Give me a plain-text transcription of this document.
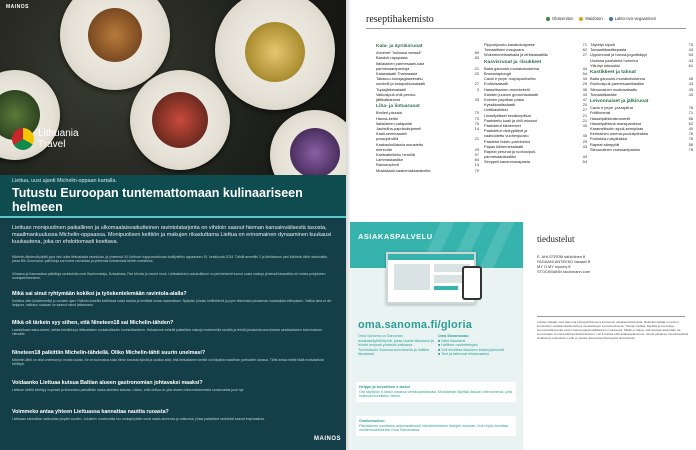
MAINOS
Lithuania
Travel
Liettua, uusi ajanti Michelin-oppaan kartalla.
Tutustu Euroopan tuntemattomaan kulinaariseen helmeen
Liettuan monipuolinen paikallinen ja ulkomaalaisvaikutteinen ravintolatarjonta on vihdoin saanut hieman kansainvälisestä tasosta, maailmankuulussa Michelin-oppaassa. Monipuolisen keittiön ja makujen rikastuttama Liettua on erinomainen dynaaminen kuukausi kuukautena, joka on ehdottomasti koettava.
Michelin-tähdestä päätti jopa viisi uutta liettualaista ravintolaa, ja yhteensä 34 Liettuan huippuravintolaa sisällytettiin oppaaseen 19. kesäkuuta 2024. Tähtiä annettiin 2 ja tähtitasoon yksi Michelin-tähti ravintolalle, jossa Bib Gourmand -palkintoja sai kolme ravintolaa ja yhteensä kolmetoista tehtiin mainituksi.
Vilnassa ja Kaunasissa palkittuja ravintoloita ovat Gastromanija, Dziaukstas, Pas Mumis ja monet muut. Liettualainen ruokakulttuuri on perinteisesti tuonut uusia makuja yhdessä tasavallan eri osista pohjoiseen ruokaperinteeseen.
Mikä sai sinut ryhtymään kokiksi ja työskentelemään ravintola-alalla?
Kokkina olen työskennellyt jo vuosien ajan. Halusin kokeilla keittiössä uusia asioita ja kehittää omaa osaamistani. Nykyisin johdan keittiötiimiä ja pyrin tekemään jokaisesta ruokalajista elämyksen. Vaikka aina ei ole helppoa, rakkaus ruokaan on saanut minut jatkamaan.
Mikä oli tärkein syy siihen, että Nineteen18 sai Michelin-tähden?
Laadukkaat raaka-aineet, tarkka tekniikka ja liettualaisen ruokakulttuurin kunnioittaminen. Halusimme esitellä paikallisia makuja moderneilla tavoilla ja tehdä jokaisesta annoksesta ainutlaatuisen kokemuksen vieraalle.
Nineteen18 palkittiin Michelin-tähdellä. Oliko Michelin-tähti suurin unelmasi?
Michelin-tähti on ollut unelmani jo monta vuotta. Se on tunnustus koko tiimin kovasta työstä ja osoitus siitä, että liettualainen keittiö voi kilpailla maailman parhaiden kanssa. Tähti antaa meille lisää motivaatiota kehittyä.
Voidaanko Liettuaa kutsua Baltian alueen gastronomian johtavaksi maaksi?
Liettuan keittiö kehittyy nopeasti ja kiinnostus paikallisiin raaka-aineisiin kasvaa. Uskon, että Liettua on yksi alueen kiinnostavimmista ruokamaista juuri nyt.
Voimmeko antaa yhteen Liettuassa kannattaa nauttia ruoasta?
Liettuaan kannattaa matkustaa ympäri vuoden. Jokainen vuodenaika tuo ruokapöytään omat raaka-aineensa ja makunsa, joista paikalliset ravintolat saavat inspiraatiota.
MAINOS
reseptihakemisto	Gluteeniton	Maidoton	Lakto-ovo-vegaaninen
Kala- ja äyriäisruoat
Ahvenet "hullussa veessä"	69
Bandoli-rapupasta	83
Italialainen parmesaani-kala
parmesaanipariroja	21
Kalasalaatti Thaimaasta	20
Tabasco-hunajaglaseerattu
sumbrill ja kalapuikkosalaatti	27
Tuplajärkesalaatti	3
Valkosipuli-chili-perota-
jättikatkaravut	33
Liha- ja lintuaruoat
Broileri-pizzata	70
Hanna-keitto	73
Italialainen patapaisti	70
Jauheliha-paprikakirjamell	14
Kaali-seminaadeli
possupihvillä	21
Kaakaokuillassla maustettu
entrecôte	29
Karitsakeikeku hernillä	57
Lammaskastike	84
Ranuanpihvit	14
Mustakaali-naakemakkarakeitto	70
Pippurijuusto-kanaboloignese	71
Tomaattinen maupuara	62
Wokmennetstarkalla ja lehtisalaattilla	27
Kasvisruoat ja -lisukkeet
Baba ganoush-munakoisotahna	44
Brunssiaptongit	54
Cacio e pepe -voipapuohsetto	34
Endiivisalaatti	29
Hasselbacken-murekekeiti	45
Kahden juuston gnocchisalaatti	43
Kolmen paprikan pasta	47
Kyssäkaalisalaatti	20
Linttikasiklissi	27
Linssityllikset kesäkurpitsat	21
Paahdettu kuali ja chili-misosoi	21
Paahdetut kikherneet	40
Paahdetut viinirypäleet ja
vaahdotettu vuohenjuusto	45
Paistetut hoisin-portobellot	29
Papas kikhernesalaatti	43
Rapeat perunat ja ruohosipuli-
parmesaanikastike	43
Simppeli kananmunapasta	54
Täytetyt sipulit	75
Tomaattikastikepasta	43
Uppomunat ja hanna-jogurttidippi	54
Uunissa paahdetut hummus	43
Ylituhyt tofuwokki	61
Kastikkeet ja tahnat
Baba ganoush-munakoisotahna	45
Ruohosipuli-parmesaanikastike	43
Sitruunainen nuotiosalaattu	45
Tomaattikastike	43
Leivonnaiset ja jälkiruoat
Cacio e pepe -pizzapiirat	76
Fritillinnerat	71
Hasselpähkinäkronentit	58
Hasselpähkinä-marsipaniekut	62
Karamellisoitu sipuli-semipiiras	40
Kermainen omena-puolukpiirakka	76
Puolukka-ruispiirakka	76
Rapeat sämpylät	58
Sitruunainen croissantpastos	76
ASIAKASPALVELU
oma.sanoma.fi/gloria
Oma Sanoma on Sanoman asiakaskäyttöliittymä, jossa hoidat tilauksesi ja lehdet helposti yhdessä paikassa. Tunnistaudu Sanoma-tunnuksella ja hallitse tilauksiasi.
Oma Sanomassa:
■ Näet tilauksesi
■ Hallitset osoitetietojasi
■ Voit ilmoittaa tilauksen keskeytyksestä
■ Teet ja tallennat reklamaation
Helppo ja turvallinen e-lasku!
Ota käyttöön e-lasku omassa verkkopankissasi. Muistathan käyttää laskusi viitenumeroa, jotta maksusi kohdistuu oikein.
Osoitemuutos:
Päivitämme osoitteesi automaattisesti Väestörekisterin tietojen mukaan. Voit myös ilmoittaa osoitemuutoksesta Oma Sanomassa.
tiedustelut
E. AHLSTRÖM sähköinen ff
FAGAANI ANTEKKO fasaani ff
MY O MY myomy ff
STOCKMANN stockmann.com
Lehden tilaajat ovat Sanoma Lifestyle/Sanoma-konsernin asiakasrekisterissä. Rekisterinpitäjä on tehnyt ilmoituksen asiakasrekisteristä ja osoitetietojen luovuttamisesta. Tietoja voidaan käyttää ja luovuttaa suoramarkkinointia varten tietosuojalainsäädännön mukaisesti. Mikäli et halua, että tietojasi käytetään tai luovutetaan suoramarkkinointitarkoituksiin, voit ilmoittaa siitä asiakaspalveluun. Gloria julkaisee toimituksellista sisältöä ja mainoksia. Lehti ei vastaa tilaamatta lähetetyistä aineistoista.
